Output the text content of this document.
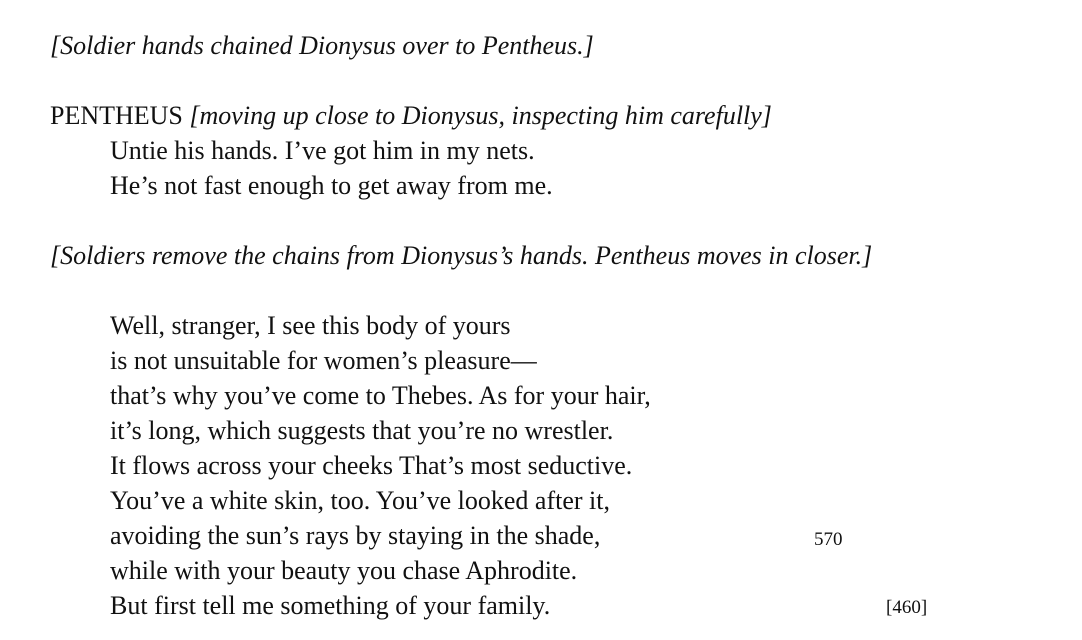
[Soldier hands chained Dionysus over to Pentheus.]
PENTHEUS [moving up close to Dionysus, inspecting him carefully]
Untie his hands. I’ve got him in my nets.
He’s not fast enough to get away from me.
[Soldiers remove the chains from Dionysus’s hands. Pentheus moves in closer.]
Well, stranger, I see this body of yours
is not unsuitable for women’s pleasure—
that’s why you’ve come to Thebes. As for your hair,
it’s long, which suggests that you’re no wrestler.
It flows across your cheeks That’s most seductive.
You’ve a white skin, too. You’ve looked after it,
avoiding the sun’s rays by staying in the shade,
while with your beauty you chase Aphrodite.
But first tell me something of your family.
570
[460]
